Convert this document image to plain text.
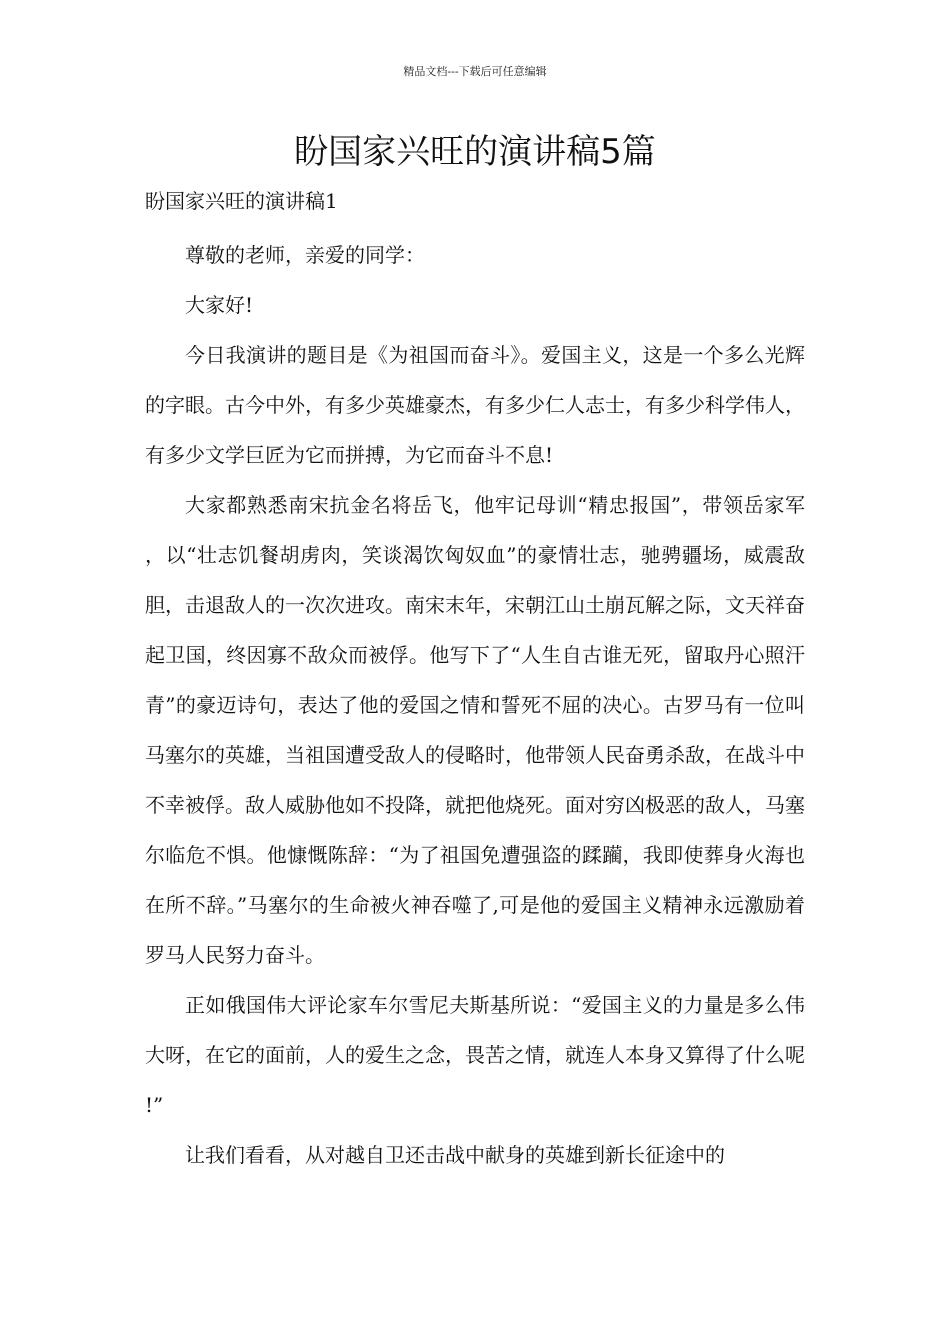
精品文档---下载后可任意编辑
盼国家兴旺的演讲稿5篇
盼国家兴旺的演讲稿1

尊敬的老师，亲爱的同学：

大家好!

今日我演讲的题目是《为祖国而奋斗》。爱国主义，这是一个多么光辉的字眼。古今中外，有多少英雄豪杰，有多少仁人志士，有多少科学伟人，有多少文学巨匠为它而拼搏，为它而奋斗不息!

大家都熟悉南宋抗金名将岳飞，他牢记母训“精忠报国”，带领岳家军，以“壮志饥餐胡虏肉，笑谈渴饮匈奴血”的豪情壮志，驰骋疆场，威震敌胆，击退敌人的一次次进攻。南宋末年，宋朝江山土崩瓦解之际，文天祥奋起卫国，终因寡不敌众而被俘。他写下了“人生自古谁无死，留取丹心照汗青”的豪迈诗句，表达了他的爱国之情和誓死不屈的决心。古罗马有一位叫马塞尔的英雄，当祖国遭受敌人的侵略时，他带领人民奋勇杀敌，在战斗中不幸被俘。敌人威胁他如不投降，就把他烧死。面对穷凶极恶的敌人，马塞尔临危不惧。他慷慨陈辞：“为了祖国免遭强盗的蹂躏，我即使葬身火海也在所不辞。”马塞尔的生命被火神吞噬了,可是他的爱国主义精神永远激励着罗马人民努力奋斗。

正如俄国伟大评论家车尔雪尼夫斯基所说：“爱国主义的力量是多么伟大呀，在它的面前，人的爱生之念，畏苦之情，就连人本身又算得了什么呢!”

让我们看看，从对越自卫还击战中献身的英雄到新长征途中的
